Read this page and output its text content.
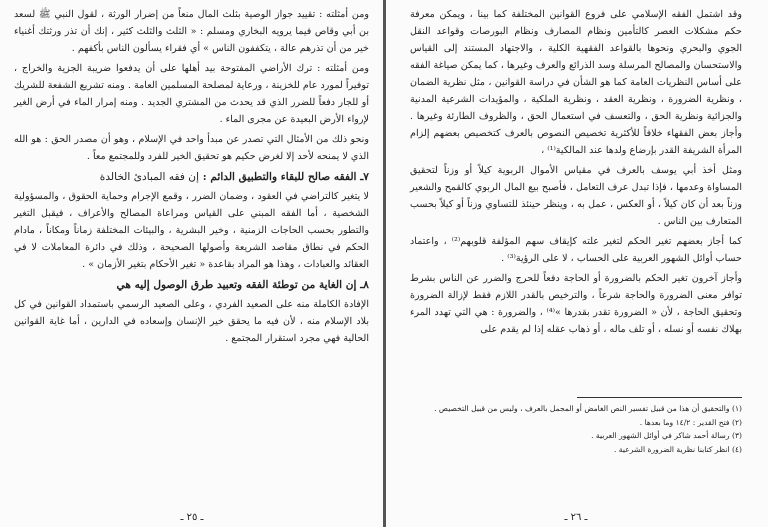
ومن أمثلته : تقييد جواز الوصية بثلث المال منعاً من إضرار الورثة ، لقول النبي ﷺ لسعد بن أبي وقاص فيما يرويه البخاري ومسلم : « الثلث والثلث كثير ، إنك أن تذر ورثتك أغنياء خير من أن تذرهم عالة ، يتكففون الناس » أي فقراء يسألون الناس بأكفهم .

ومن أمثلته : ترك الأراضي المفتوحة بيد أهلها على أن يدفعوا ضريبة الجزية والخراج ، توفيراً لمورد عام للخزينة ، ورعاية لمصلحة المسلمين العامة . ومنه تشريع الشفعة للشريك أو للجار دفعاً للضرر الذي قد يحدث من المشتري الجديد . ومنه إمرار الماء في أرض الغير لإرواء الأرض البعيدة عن مجرى الماء .

ونحو ذلك من الأمثال التي تصدر عن مبدأ واحد في الإسلام ، وهو أن مصدر الحق : هو الله الذي لا يمنحه لأحد إلا لغرض حكيم هو تحقيق الخير للفرد وللمجتمع معاً .

٧ـ الفقه صالح للبقاء والتطبيق الدائم : إن فقه المبادئ الخالدة

لا يتغير كالتراضي في العقود ، وضمان الضرر ، وقمع الإجرام وحماية الحقوق ، والمسؤولية الشخصية ، أما الفقه المبني على القياس ومراعاة المصالح والأعراف ، فيقبل التغير والتطور بحسب الحاجات الزمنية ، وخير البشرية ، والبيئات المختلفة زماناً ومكاناً ، مادام الحكم في نطاق مقاصد الشريعة وأصولها الصحيحة ، وذلك في دائرة المعاملات لا في العقائد والعبادات ، وهذا هو المراد بقاعدة « تغير الأحكام بتغير الأزمان » .

٨ـ إن الغاية من توطئة الفقه وتعبيد طرق الوصول إليه هي

الإفادة الكاملة منه على الصعيد الفردي ، وعلى الصعيد الرسمي باستمداد القوانين في كل بلاد الإسلام منه ، لأن فيه ما يحقق خير الإنسان وإسعاده في الدارين ، أما غاية القوانين الحالية فهي مجرد استقرار المجتمع .

ـ ٢٥ ـ

وقد اشتمل الفقه الإسلامي على فروع القوانين المختلفة كما بينا ، ويمكن معرفة حكم مشكلات العصر كالتأمين ونظام المصارف ونظام البورصات وقواعد النقل الجوي والبحري ونحوها بالقواعد الفقهية الكلية ، والاجتهاد المستند إلى القياس والاستحسان والمصالح المرسلة وسد الذرائع والعرف وغيرها ، كما يمكن صياغة الفقه على أساس النظريات العامة كما هو الشأن في دراسة القوانين ، مثل نظرية الضمان ، ونظرية الضرورة ، ونظرية العقد ، ونظرية الملكية ، والمؤيدات الشرعية المدنية والجزائية ونظرية الحق ، والتعسف في استعمال الحق ، والظروف الطارئة وغيرها . وأجاز بعض الفقهاء خلافاً للأكثرية تخصيص النصوص بالعرف كتخصيص بعضهم إلزام المرأة الشريفة القدر بإرضاع ولدها عند المالكية⁽¹⁾ ،

ومثل أخذ أبي يوسف بالعرف في مقياس الأموال الربوية كيلاً أو وزناً لتحقيق المساواة وعدمها ، فإذا تبدل عرف التعامل ، فأصبح بيع المال الربوي كالقمح والشعير وزناً بعد أن كان كيلاً ، أو العكس ، عمل به ، وينظر حينئذ للتساوي وزناً أو كيلاً بحسب المتعارف بين الناس .

كما أجاز بعضهم تغير الحكم لتغير علته كإيقاف سهم المؤلفة قلوبهم⁽²⁾ ، واعتماد حساب أوائل الشهور العربية على الحساب ، لا على الرؤية⁽³⁾ .

وأجاز آخرون تغير الحكم بالضرورة أو الحاجة دفعاً للحرج والضرر عن الناس بشرط توافر معنى الضرورة والحاجة شرعاً ، والترخيص بالقدر اللازم فقط لإزالة الضرورة وتحقيق الحاجة ، لأن « الضرورة تقدر بقدرها »⁽⁴⁾ ، والضرورة : هي التي تهدد المرء بهلاك نفسه أو نسله ، أو تلف ماله ، أو ذهاب عقله إذا لم يقدم على

(١) والتحقيق أن هذا من قبيل تفسير النص الغامض أو المجمل بالعرف ، وليس من قبيل التخصيص .

(٢) فتح القدير : ١٤/٢ وما بعدها .

(٣) رسالة أحمد شاكر في أوائل الشهور العربية .

(٤) انظر كتابنا نظرية الضرورة الشرعية .

ـ ٢٦ ـ
